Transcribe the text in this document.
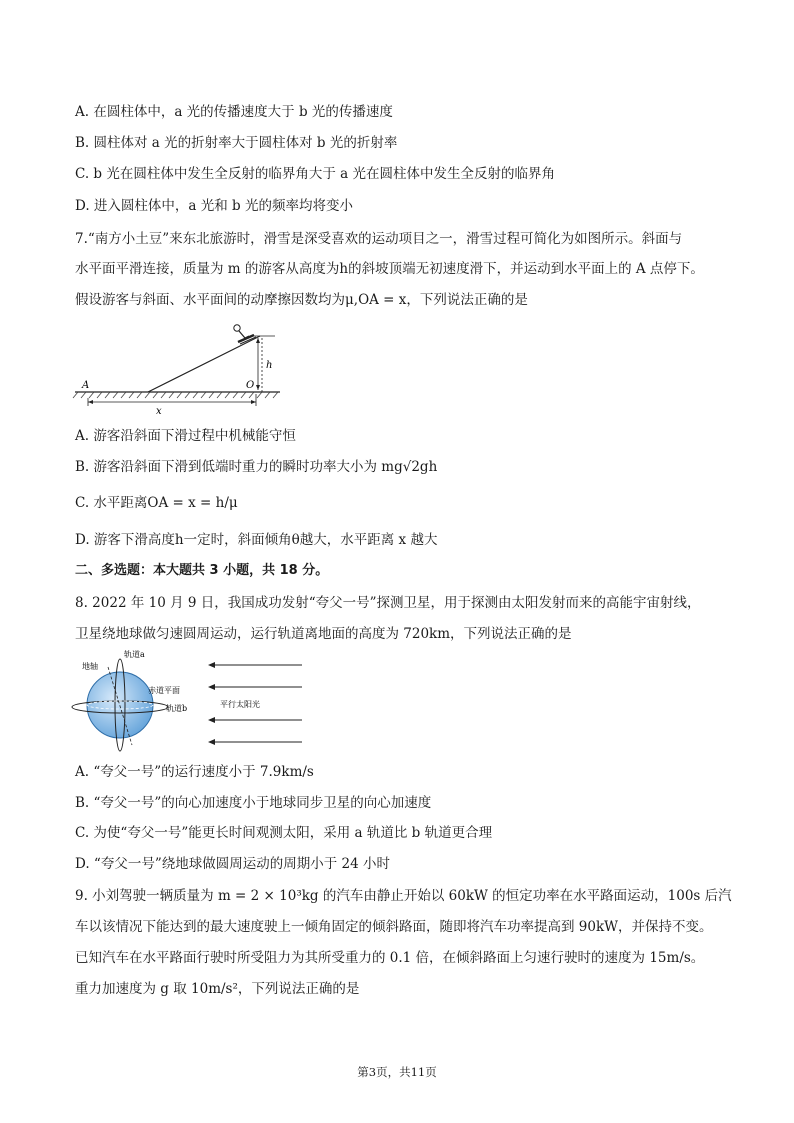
A. 在圆柱体中，a 光的传播速度大于 b 光的传播速度
B. 圆柱体对 a 光的折射率大于圆柱体对 b 光的折射率
C. b 光在圆柱体中发生全反射的临界角大于 a 光在圆柱体中发生全反射的临界角
D. 进入圆柱体中，a 光和 b 光的频率均将变小
7.“南方小土豆”来东北旅游时，滑雪是深受喜欢的运动项目之一，滑雪过程可简化为如图所示。斜面与
水平面平滑连接，质量为 m 的游客从高度为h的斜坡顶端无初速度滑下，并运动到水平面上的 A 点停下。
假设游客与斜面、水平面间的动摩擦因数均为μ,OA = x，下列说法正确的是
h
A	O
x
A. 游客沿斜面下滑过程中机械能守恒
B. 游客沿斜面下滑到低端时重力的瞬时功率大小为 mg√2gh
C. 水平距离OA = x = h/μ
D. 游客下滑高度h一定时，斜面倾角θ越大，水平距离 x 越大
二、多选题：本大题共 3 小题，共 18 分。
8. 2022 年 10 月 9 日，我国成功发射“夸父一号”探测卫星，用于探测由太阳发射而来的高能宇宙射线，
卫星绕地球做匀速圆周运动，运行轨道离地面的高度为 720km，下列说法正确的是
地轴
轨道a
赤道平面
轨道b	平行太阳光
A. “夸父一号”的运行速度小于 7.9km/s
B. “夸父一号”的向心加速度小于地球同步卫星的向心加速度
C. 为使“夸父一号”能更长时间观测太阳，采用 a 轨道比 b 轨道更合理
D. “夸父一号”绕地球做圆周运动的周期小于 24 小时
9. 小刘驾驶一辆质量为 m = 2 × 10³kg 的汽车由静止开始以 60kW 的恒定功率在水平路面运动，100s 后汽
车以该情况下能达到的最大速度驶上一倾角固定的倾斜路面，随即将汽车功率提高到 90kW，并保持不变。
已知汽车在水平路面行驶时所受阻力为其所受重力的 0.1 倍，在倾斜路面上匀速行驶时的速度为 15m/s。
重力加速度为 g 取 10m/s²，下列说法正确的是
第3页，共11页
